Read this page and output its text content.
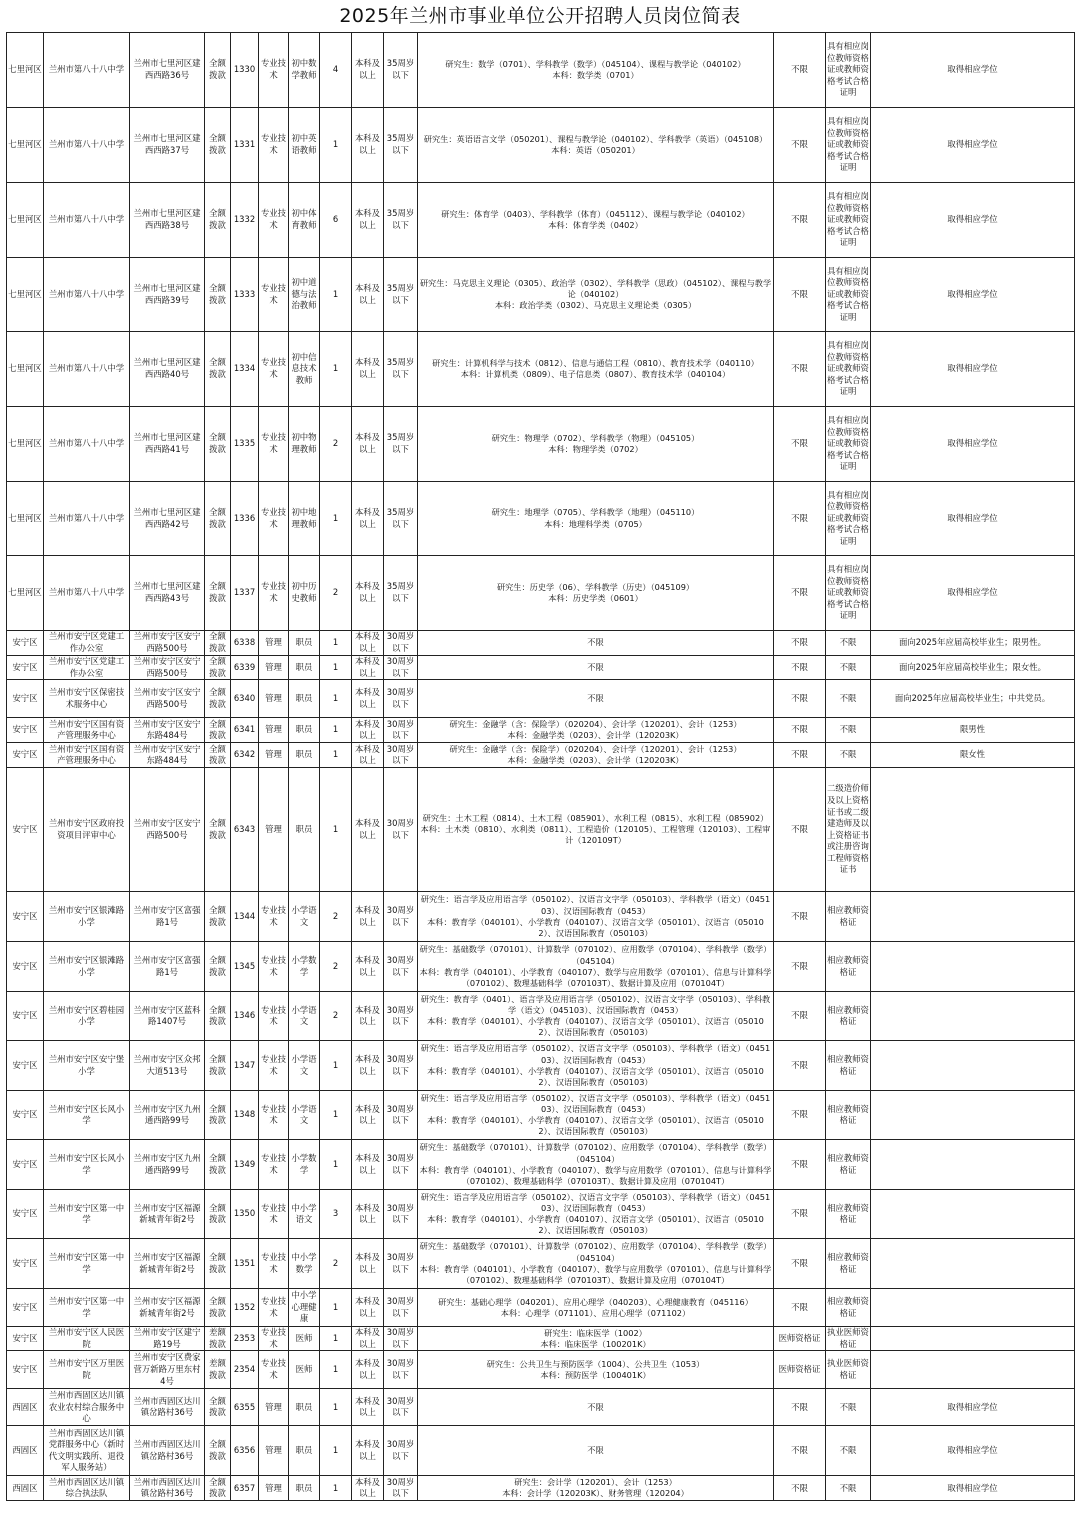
2025年兰州市事业单位公开招聘人员岗位简表
七里河区	兰州市第八十八中学	兰州市七里河区建西西路36号	全额拨款	1330	专业技术	初中数学教师	4	本科及以上	35周岁以下	研究生：数学（0701）、学科教学（数学）（045104）、课程与教学论（040102）
本科：数学类（0701）	不限	具有相应岗位教师资格证或教师资格考试合格证明	取得相应学位
七里河区	兰州市第八十八中学	兰州市七里河区建西西路37号	全额拨款	1331	专业技术	初中英语教师	1	本科及以上	35周岁以下	研究生：英语语言文学（050201）、课程与教学论（040102）、学科教学（英语）（045108）
本科：英语（050201）	不限	具有相应岗位教师资格证或教师资格考试合格证明	取得相应学位
七里河区	兰州市第八十八中学	兰州市七里河区建西西路38号	全额拨款	1332	专业技术	初中体育教师	6	本科及以上	35周岁以下	研究生：体育学（0403）、学科教学（体育）（045112）、课程与教学论（040102）
本科：体育学类（0402）	不限	具有相应岗位教师资格证或教师资格考试合格证明	取得相应学位
七里河区	兰州市第八十八中学	兰州市七里河区建西西路39号	全额拨款	1333	专业技术	初中道德与法治教师	1	本科及以上	35周岁以下	研究生：马克思主义理论（0305）、政治学（0302）、学科教学（思政）（045102）、课程与教学论（040102）
本科：政治学类（0302）、马克思主义理论类（0305）	不限	具有相应岗位教师资格证或教师资格考试合格证明	取得相应学位
七里河区	兰州市第八十八中学	兰州市七里河区建西西路40号	全额拨款	1334	专业技术	初中信息技术教师	1	本科及以上	35周岁以下	研究生：计算机科学与技术（0812）、信息与通信工程（0810）、教育技术学（040110）
本科：计算机类（0809）、电子信息类（0807）、教育技术学（040104）	不限	具有相应岗位教师资格证或教师资格考试合格证明	取得相应学位
七里河区	兰州市第八十八中学	兰州市七里河区建西西路41号	全额拨款	1335	专业技术	初中物理教师	2	本科及以上	35周岁以下	研究生：物理学（0702）、学科教学（物理）（045105）
本科：物理学类（0702）	不限	具有相应岗位教师资格证或教师资格考试合格证明	取得相应学位
七里河区	兰州市第八十八中学	兰州市七里河区建西西路42号	全额拨款	1336	专业技术	初中地理教师	1	本科及以上	35周岁以下	研究生：地理学（0705）、学科教学（地理）（045110）
本科：地理科学类（0705）	不限	具有相应岗位教师资格证或教师资格考试合格证明	取得相应学位
七里河区	兰州市第八十八中学	兰州市七里河区建西西路43号	全额拨款	1337	专业技术	初中历史教师	2	本科及以上	35周岁以下	研究生：历史学（06）、学科教学（历史）（045109）
本科：历史学类（0601）	不限	具有相应岗位教师资格证或教师资格考试合格证明	取得相应学位
安宁区	兰州市安宁区党建工作办公室	兰州市安宁区安宁西路500号	全额拨款	6338	管理	职员	1	本科及以上	30周岁以下	不限	不限	不限	面向2025年应届高校毕业生；限男性。
安宁区	兰州市安宁区党建工作办公室	兰州市安宁区安宁西路500号	全额拨款	6339	管理	职员	1	本科及以上	30周岁以下	不限	不限	不限	面向2025年应届高校毕业生；限女性。
安宁区	兰州市安宁区保密技术服务中心	兰州市安宁区安宁西路500号	全额拨款	6340	管理	职员	1	本科及以上	30周岁以下	不限	不限	不限	面向2025年应届高校毕业生；中共党员。
安宁区	兰州市安宁区国有资产管理服务中心	兰州市安宁区安宁东路484号	全额拨款	6341	管理	职员	1	本科及以上	30周岁以下	研究生：金融学（含：保险学）（020204）、会计学（120201）、会计（1253）
本科：金融学类（0203）、会计学（120203K）	不限	不限	限男性
安宁区	兰州市安宁区国有资产管理服务中心	兰州市安宁区安宁东路484号	全额拨款	6342	管理	职员	1	本科及以上	30周岁以下	研究生：金融学（含：保险学）（020204）、会计学（120201）、会计（1253）
本科：金融学类（0203）、会计学（120203K）	不限	不限	限女性
安宁区	兰州市安宁区政府投资项目评审中心	兰州市安宁区安宁西路500号	全额拨款	6343	管理	职员	1	本科及以上	30周岁以下	研究生：土木工程（0814）、土木工程（085901）、水利工程（0815）、水利工程（085902）
本科：土木类（0810）、水利类（0811）、工程造价（120105）、工程管理（120103）、工程审计（120109T）	不限	二级造价师及以上资格证书或二级建造师及以上资格证书或注册咨询工程师资格证书	
安宁区	兰州市安宁区银滩路小学	兰州市安宁区富强路1号	全额拨款	1344	专业技术	小学语文	2	本科及以上	30周岁以下	研究生：语言学及应用语言学（050102）、汉语言文字学（050103）、学科教学（语文）（045103）、汉语国际教育（0453）
本科：教育学（040101）、小学教育（040107）、汉语言文学（050101）、汉语言（050102）、汉语国际教育（050103）	不限	相应教师资格证	
安宁区	兰州市安宁区银滩路小学	兰州市安宁区富强路1号	全额拨款	1345	专业技术	小学数学	2	本科及以上	30周岁以下	研究生：基础数学（070101）、计算数学（070102）、应用数学（070104）、学科教学（数学）（045104）
本科：教育学（040101）、小学教育（040107）、数学与应用数学（070101）、信息与计算科学（070102）、数理基础科学（070103T）、数据计算及应用（070104T）	不限	相应教师资格证	
安宁区	兰州市安宁区碧桂园小学	兰州市安宁区蓝科路1407号	全额拨款	1346	专业技术	小学语文	2	本科及以上	30周岁以下	研究生：教育学（0401）、语言学及应用语言学（050102）、汉语言文字学（050103）、学科教学（语文）（045103）、汉语国际教育（0453）
本科：教育学（040101）、小学教育（040107）、汉语言文学（050101）、汉语言（050102）、汉语国际教育（050103）	不限	相应教师资格证	
安宁区	兰州市安宁区安宁堡小学	兰州市安宁区众邦大道513号	全额拨款	1347	专业技术	小学语文	1	本科及以上	30周岁以下	研究生：语言学及应用语言学（050102）、汉语言文字学（050103）、学科教学（语文）（045103）、汉语国际教育（0453）
本科：教育学（040101）、小学教育（040107）、汉语言文学（050101）、汉语言（050102）、汉语国际教育（050103）	不限	相应教师资格证	
安宁区	兰州市安宁区长风小学	兰州市安宁区九州通西路99号	全额拨款	1348	专业技术	小学语文	1	本科及以上	30周岁以下	研究生：语言学及应用语言学（050102）、汉语言文字学（050103）、学科教学（语文）（045103）、汉语国际教育（0453）
本科：教育学（040101）、小学教育（040107）、汉语言文学（050101）、汉语言（050102）、汉语国际教育（050103）	不限	相应教师资格证	
安宁区	兰州市安宁区长风小学	兰州市安宁区九州通西路99号	全额拨款	1349	专业技术	小学数学	1	本科及以上	30周岁以下	研究生：基础数学（070101）、计算数学（070102）、应用数学（070104）、学科教学（数学）（045104）
本科：教育学（040101）、小学教育（040107）、数学与应用数学（070101）、信息与计算科学（070102）、数理基础科学（070103T）、数据计算及应用（070104T）	不限	相应教师资格证	
安宁区	兰州市安宁区第一中学	兰州市安宁区福源新城青年街2号	全额拨款	1350	专业技术	中小学语文	3	本科及以上	30周岁以下	研究生：语言学及应用语言学（050102）、汉语言文字学（050103）、学科教学（语文）（045103）、汉语国际教育（0453）
本科：教育学（040101）、小学教育（040107）、汉语言文学（050101）、汉语言（050102）、汉语国际教育（050103）	不限	相应教师资格证	
安宁区	兰州市安宁区第一中学	兰州市安宁区福源新城青年街2号	全额拨款	1351	专业技术	中小学数学	2	本科及以上	30周岁以下	研究生：基础数学（070101）、计算数学（070102）、应用数学（070104）、学科教学（数学）（045104）
本科：教育学（040101）、小学教育（040107）、数学与应用数学（070101）、信息与计算科学（070102）、数理基础科学（070103T）、数据计算及应用（070104T）	不限	相应教师资格证	
安宁区	兰州市安宁区第一中学	兰州市安宁区福源新城青年街2号	全额拨款	1352	专业技术	中小学心理健康	1	本科及以上	30周岁以下	研究生：基础心理学（040201）、应用心理学（040203）、心理健康教育（045116）
本科：心理学（071101）、应用心理学（071102）	不限	相应教师资格证	
安宁区	兰州市安宁区人民医院	兰州市安宁区建宁路19号	差额拨款	2353	专业技术	医师	1	本科及以上	30周岁以下	研究生：临床医学（1002）
本科：临床医学（100201K）	医师资格证	执业医师资格证	
安宁区	兰州市安宁区万里医院	兰州市安宁区费家营万新路万里东村4号	差额拨款	2354	专业技术	医师	1	本科及以上	30周岁以下	研究生：公共卫生与预防医学（1004）、公共卫生（1053）
本科：预防医学（100401K）	医师资格证	执业医师资格证	
西固区	兰州市西固区达川镇农业农村综合服务中心	兰州市西固区达川镇岔路村36号	全额拨款	6355	管理	职员	1	本科及以上	30周岁以下	不限	不限	不限	取得相应学位
西固区	兰州市西固区达川镇党群服务中心（新时代文明实践所、退役军人服务站）	兰州市西固区达川镇岔路村36号	全额拨款	6356	管理	职员	1	本科及以上	30周岁以下	不限	不限	不限	取得相应学位
西固区	兰州市西固区达川镇综合执法队	兰州市西固区达川镇岔路村36号	全额拨款	6357	管理	职员	1	本科及以上	30周岁以下	研究生：会计学（120201）、会计（1253）
本科：会计学（120203K）、财务管理（120204）	不限	不限	取得相应学位
